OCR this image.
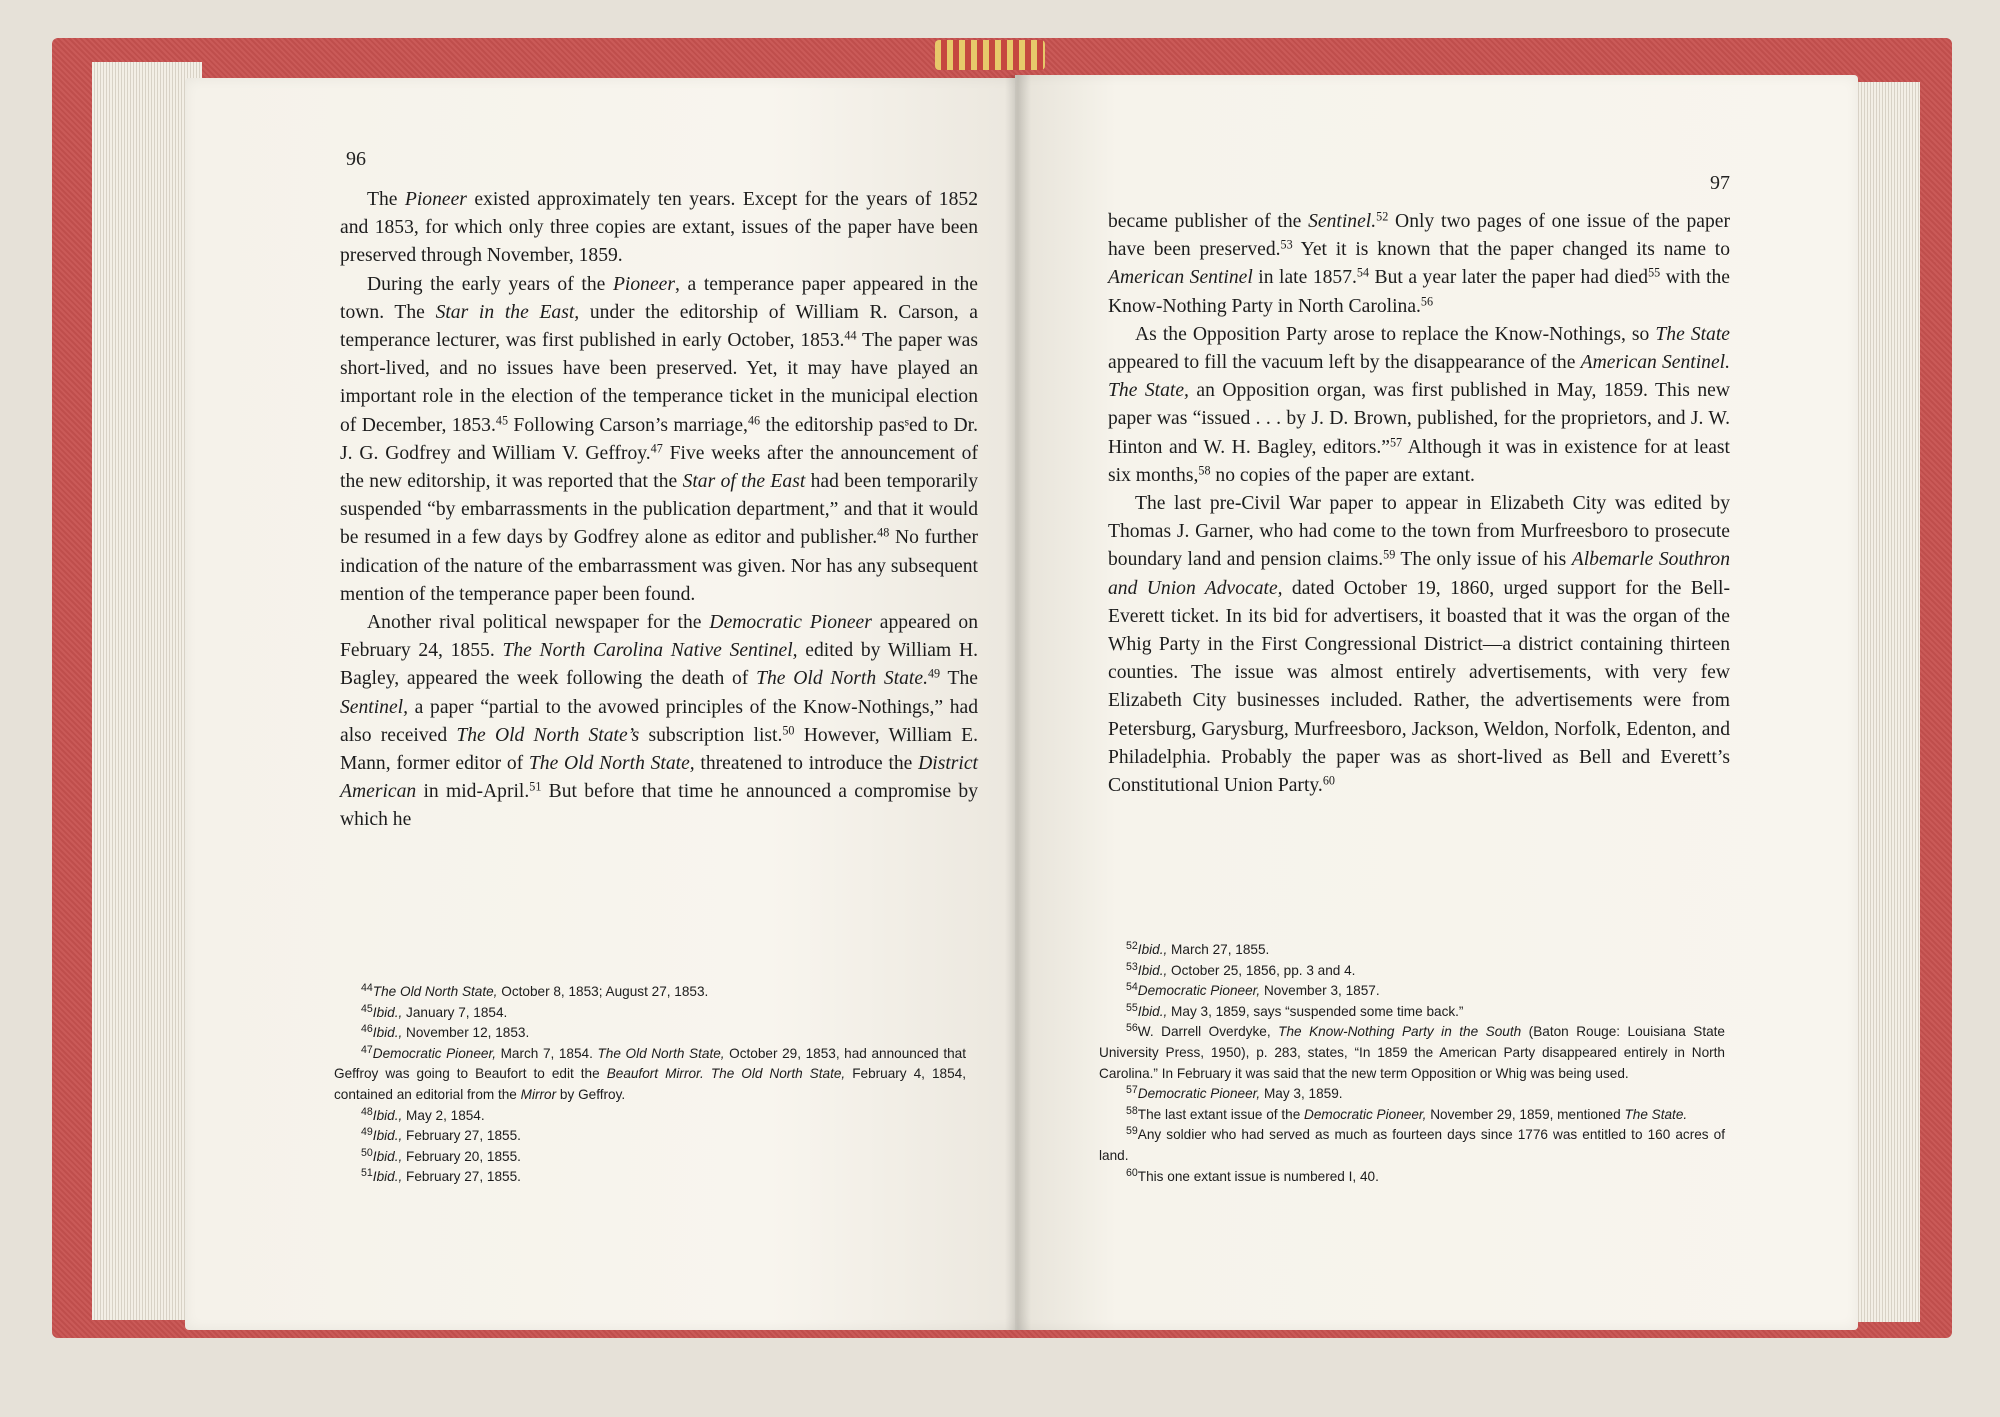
96

The Pioneer existed approximately ten years. Except for the years of 1852 and 1853, for which only three copies are extant, issues of the paper have been preserved through November, 1859.

During the early years of the Pioneer, a temperance paper appeared in the town. The Star in the East, under the editorship of William R. Carson, a temperance lecturer, was first published in early October, 1853.44 The paper was short-lived, and no issues have been preserved. Yet, it may have played an important role in the election of the temperance ticket in the municipal election of December, 1853.45 Following Carson’s marriage,$^{46}$ the editorship pasˢed to Dr. J. G. Godfrey and William V. Geffroy.$^{47}$ Five weeks after the announcement of the new editorship, it was reported that the Star of the East had been temporarily suspended “by embarrassments in the publication department,” and that it would be resumed in a few days by Godfrey alone as editor and publisher.$^{48}$ No further indication of the nature of the embarrassment was given. Nor has any subsequent mention of the temperance paper been found.

Another rival political newspaper for the Democratic Pioneer appeared on February 24, 1855. The North Carolina Native Sentinel, edited by William H. Bagley, appeared the week following the death of The Old North State.$^{49}$ The Sentinel, a paper “partial to the avowed principles of the Know-Nothings,” had also received The Old North State’s subscription list.$^{50}$ However, William E. Mann, former editor of The Old North State, threatened to introduce the District American in mid-April.$^{51}$ But before that time he announced a compromise by which he

$^{44}$The Old North State, October 8, 1853; August 27, 1853.
$^{45}$Ibid., January 7, 1854.
$^{46}$Ibid., November 12, 1853.
$^{47}$Democratic Pioneer, March 7, 1854. The Old North State, October 29, 1853, had announced that Geffroy was going to Beaufort to edit the Beaufort Mirror. The Old North State, February 4, 1854, contained an editorial from the Mirror by Geffroy.
$^{48}$Ibid., May 2, 1854.
$^{49}$Ibid., February 27, 1855.
$^{50}$Ibid., February 20, 1855.
$^{51}$Ibid., February 27, 1855.
97

became publisher of the Sentinel.$^{52}$ Only two pages of one issue of the paper have been preserved.$^{53}$ Yet it is known that the paper changed its name to American Sentinel in late 1857.54 But a year later the paper had died$^{55}$ with the Know-Nothing Party in North Carolina.$^{56}$

As the Opposition Party arose to replace the Know-Nothings, so The State appeared to fill the vacuum left by the disappearance of the American Sentinel. The State, an Opposition organ, was first published in May, 1859. This new paper was “issued . . . by J. D. Brown, published, for the proprietors, and J. W. Hinton and W. H. Bagley, editors.”$^{57}$ Although it was in existence for at least six months,$^{58}$ no copies of the paper are extant.

The last pre-Civil War paper to appear in Elizabeth City was edited by Thomas J. Garner, who had come to the town from Murfreesboro to prosecute boundary land and pension claims.$^{59}$ The only issue of his Albemarle Southron and Union Advocate, dated October 19, 1860, urged support for the Bell-Everett ticket. In its bid for advertisers, it boasted that it was the organ of the Whig Party in the First Congressional District—a district containing thirteen counties. The issue was almost entirely advertisements, with very few Elizabeth City businesses included. Rather, the advertisements were from Petersburg, Garysburg, Murfreesboro, Jackson, Weldon, Norfolk, Edenton, and Philadelphia. Probably the paper was as short-lived as Bell and Everett’s Constitutional Union Party.$^{60}$

$^{52}$Ibid., March 27, 1855.
$^{53}$Ibid., October 25, 1856, pp. 3 and 4.
$^{54}$Democratic Pioneer, November 3, 1857.
$^{55}$Ibid., May 3, 1859, says “suspended some time back.”
$^{56}$W. Darrell Overdyke, The Know-Nothing Party in the South (Baton Rouge: Louisiana State University Press, 1950), p. 283, states, “In 1859 the American Party disappeared entirely in North Carolina.” In February it was said that the new term Opposition or Whig was being used.
$^{57}$Democratic Pioneer, May 3, 1859.
$^{58}$The last extant issue of the Democratic Pioneer, November 29, 1859, mentioned The State.
$^{59}$Any soldier who had served as much as fourteen days since 1776 was entitled to 160 acres of land.
$^{60}$This one extant issue is numbered I, 40.
